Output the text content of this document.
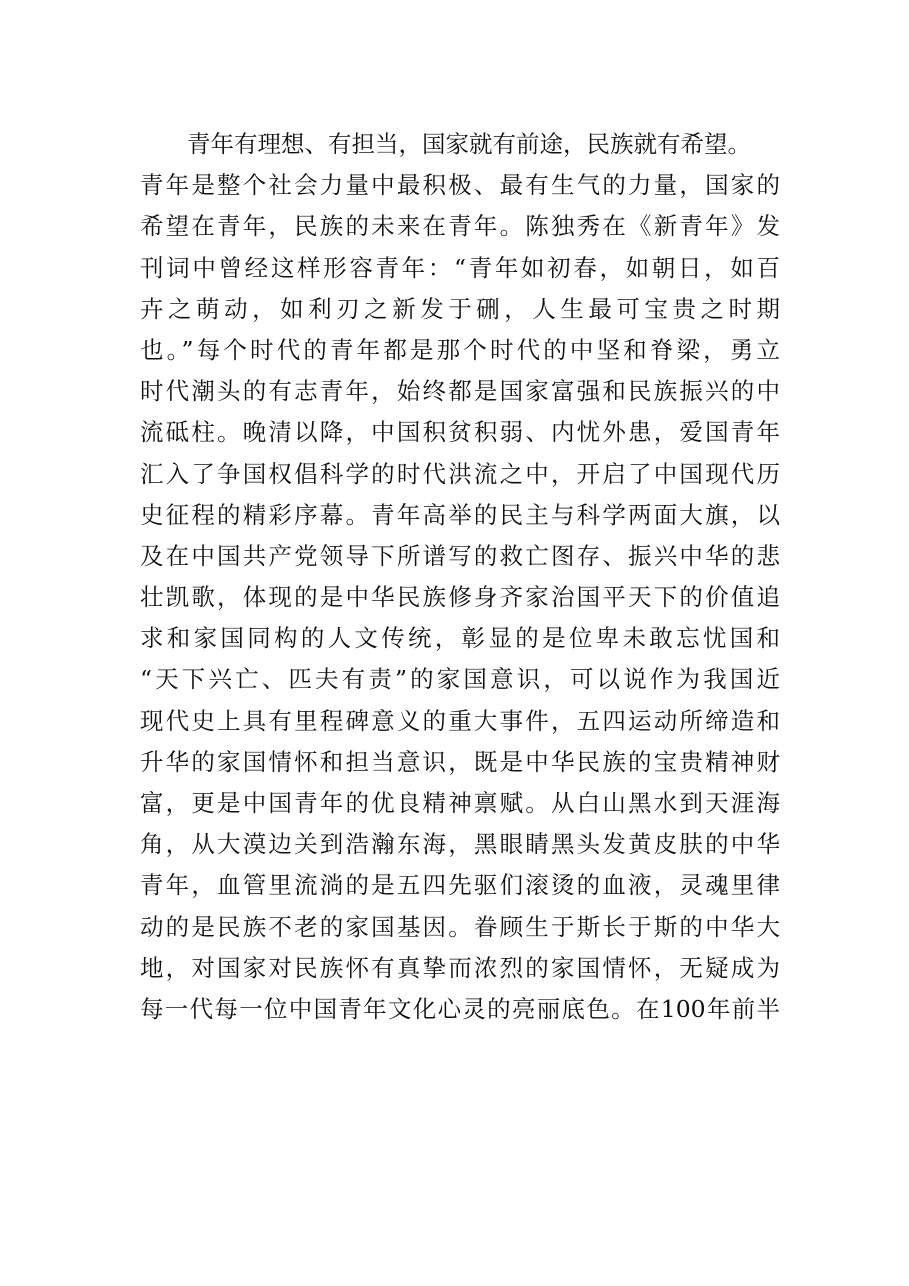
青年有理想、有担当，国家就有前途，民族就有希望。
青年是整个社会力量中最积极、最有生气的力量，国家的
希望在青年，民族的未来在青年。陈独秀在《新青年》发
刊词中曾经这样形容青年：“青年如初春，如朝日，如百
卉之萌动，如利刃之新发于硎，人生最可宝贵之时期
也。”每个时代的青年都是那个时代的中坚和脊梁，勇立
时代潮头的有志青年，始终都是国家富强和民族振兴的中
流砥柱。晚清以降，中国积贫积弱、内忧外患，爱国青年
汇入了争国权倡科学的时代洪流之中，开启了中国现代历
史征程的精彩序幕。青年高举的民主与科学两面大旗，以
及在中国共产党领导下所谱写的救亡图存、振兴中华的悲
壮凯歌，体现的是中华民族修身齐家治国平天下的价值追
求和家国同构的人文传统，彰显的是位卑未敢忘忧国和
“天下兴亡、匹夫有责”的家国意识，可以说作为我国近
现代史上具有里程碑意义的重大事件，五四运动所缔造和
升华的家国情怀和担当意识，既是中华民族的宝贵精神财
富，更是中国青年的优良精神禀赋。从白山黑水到天涯海
角，从大漠边关到浩瀚东海，黑眼睛黑头发黄皮肤的中华
青年，血管里流淌的是五四先驱们滚烫的血液，灵魂里律
动的是民族不老的家国基因。眷顾生于斯长于斯的中华大
地，对国家对民族怀有真挚而浓烈的家国情怀，无疑成为
每一代每一位中国青年文化心灵的亮丽底色。在100年前半
